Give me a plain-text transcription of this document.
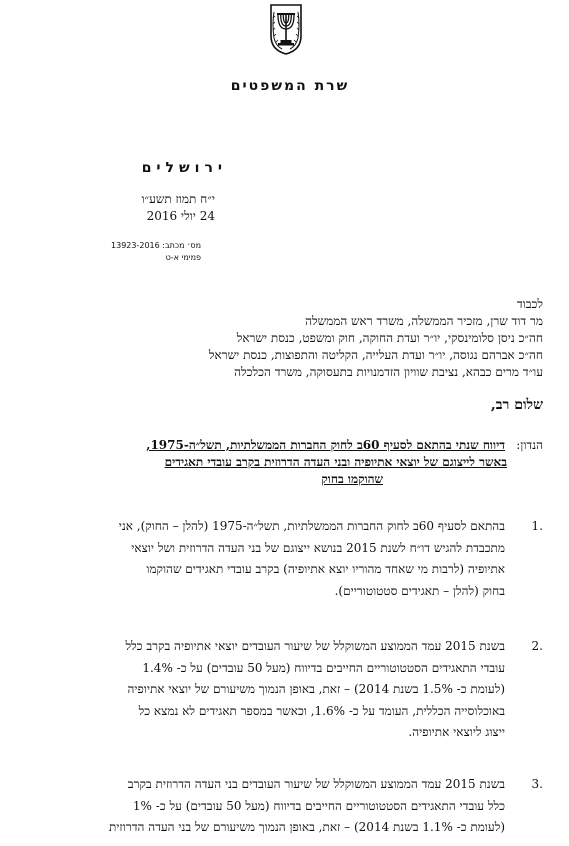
שרת המשפטים
ירושלים
י״ח תמוז תשע״ו
24 יולי 2016
מס׳ מכתב: 13923-2016
פמימי א-ט
לכבוד
מר דוד שרן, מזכיר הממשלה, משרד ראש הממשלה
חה״כ ניסן סלומינסקי, יו״ר ועדת החוקה, חוק ומשפט, כנסת ישראל
חה״כ אברהם נגוסה, יו״ר ועדת העלייה, הקליטה והתפוצות, כנסת ישראל
עו״ד מרים כבהא, נציבת שוויון הזדמנויות בתעסוקה, משרד הכלכלה
שלום רב,
הנדון:
דיווח שנתי בהתאם לסעיף 60ב לחוק החברות הממשלתיות, תשל״ה-1975,
באשר לייצוגם של יוצאי אתיופיה ובני העדה הדרוזית בקרב עובדי תאגידים
שהוקמו בחוק
.1
בהתאם לסעיף 60ב לחוק החברות הממשלתיות, תשל״ה-1975 (להלן – החוק), אני
מתכבדת להגיש דו״ח לשנת 2015 בנושא ייצוגם של בני העדה הדרוזית ושל יוצאי
אתיופיה (לרבות מי שאחד מהוריו יוצא אתיופיה) בקרב עובדי תאגידים שהוקמו
בחוק (להלן – תאגידים סטטוטוריים).
.2
בשנת 2015 עמד הממוצע המשוקלל של שיעור העובדים יוצאי אתיופיה בקרב כלל
עובדי התאגידים הסטטוטוריים החייבים בדיווח (מעל 50 עובדים) על כ- 1.4%
(לעומת כ- 1.5% בשנת 2014) – זאת, באופן הנמוך משיעורם של יוצאי אתיופיה
באוכלוסייה הכללית, העומד על כ- 1.6%, וכאשר במספר תאגידים לא נמצא כל
ייצוג ליוצאי אתיופיה.
.3
בשנת 2015 עמד הממוצע המשוקלל של שיעור העובדים בני העדה הדרוזית בקרב
כלל עובדי התאגידים הסטטוטוריים החייבים בדיווח (מעל 50 עובדים) על כ- 1%
(לעומת כ- 1.1% בשנת 2014) – זאת, באופן הנמוך משיעורם של בני העדה הדרוזית
